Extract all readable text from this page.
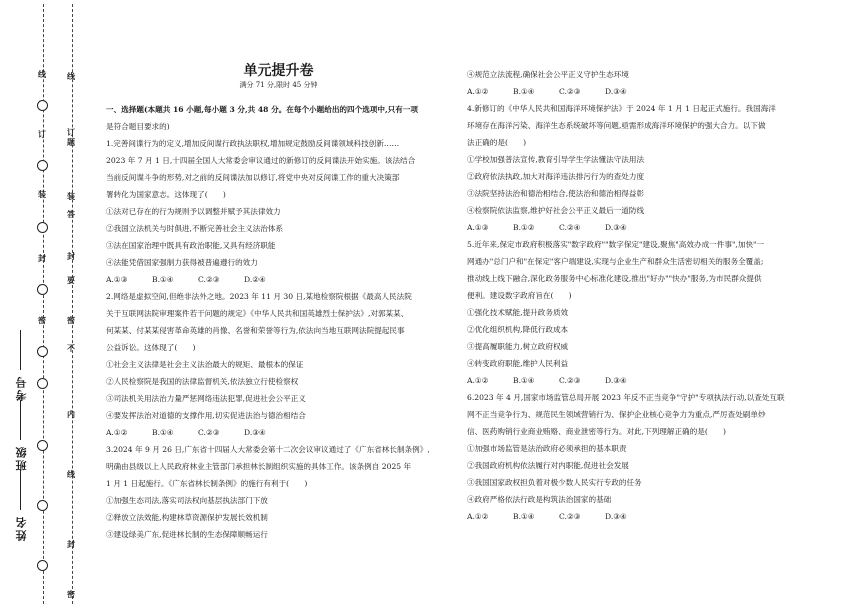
线
订
装
封
密
线
订
题
装
答
封
要
密
不
内
线
封
密
考号
班级
姓名
单元提升卷
满分 71 分,限时 45 分钟
一、选择题(本题共 16 小题,每小题 3 分,共 48 分。在每个小题给出的四个选项中,只有一项
是符合题目要求的)
1.完善间谍行为的定义,增加反间谍行政执法职权,增加规定鼓励反间谍领域科技创新……
2023 年 7 月 1 日,十四届全国人大常委会审议通过的新修订的反间谍法开始实施。该法结合
当前反间谍斗争的形势,对之前的反间谍法加以修订,将党中央对反间谍工作的重大决策部
署转化为国家意志。这体现了(　　)
①法对已存在的行为规则予以调整并赋予其法律效力
②我国立法机关与时俱进,不断完善社会主义法治体系
③法在国家治理中既具有政治职能,又具有经济职能
④法能凭借国家强制力获得被普遍遵行的效力
A.①③	B.①④	C.②③	D.②④
2.网络是虚拟空间,但绝非法外之地。2023 年 11 月 30 日,某地检察院根据《最高人民法院
关于互联网法院审理案件若干问题的规定》《中华人民共和国英雄烈士保护法》,对郭某某、
何某某、付某某侵害革命英雄的肖像、名誉和荣誉等行为,依法向当地互联网法院提起民事
公益诉讼。这体现了(　　)
①社会主义法律是社会主义法治最大的规矩、最根本的保证
②人民检察院是我国的法律监督机关,依法独立行使检察权
③司法机关用法治力量严惩网络违法犯罪,促进社会公平正义
④要发挥法治对道德的支撑作用,切实促进法治与德治相结合
A.①②	B.①④	C.②③	D.③④
3.2024 年 9 月 26 日,广东省十四届人大常委会第十二次会议审议通过了《广东省林长制条例》,
明确由县级以上人民政府林业主管部门承担林长制组织实施的具体工作。该条例自 2025 年
1 月 1 日起施行。《广东省林长制条例》的施行有利于(　　)
①加强生态司法,落实司法权向基层执法部门下放
②释放立法效能,构建林草资源保护发展长效机制
③建设绿美广东,促进林长制的生态保障顺畅运行
④规范立法流程,确保社会公平正义守护生态环境
A.①②	B.①④	C.②③	D.③④
4.新修订的《中华人民共和国海洋环境保护法》于 2024 年 1 月 1 日起正式施行。我国海洋
环境存在海洋污染、海洋生态系统破坏等问题,亟需形成海洋环境保护的强大合力。以下做
法正确的是(　　)
①学校加强普法宣传,教育引导学生学法懂法守法用法
②政府依法执政,加大对海洋违法排污行为的查处力度
③法院坚持法治和德治相结合,使法治和德治相得益彰
④检察院依法监察,维护好社会公平正义最后一道防线
A.①③	B.①②	C.②④	D.③④
5.近年来,保定市政府积极落实"数字政府""数字保定"建设,聚焦"高效办成一件事",加快"一
网通办"总门户和"在保定"客户端建设,实现与企业生产和群众生活密切相关的服务全覆盖;
推动线上线下融合,深化政务服务中心标准化建设,推出"好办""快办"服务,为市民群众提供
便利。建设数字政府旨在(　　)
①强化技术赋能,提升政务质效
②优化组织机构,降低行政成本
③提高履职能力,树立政府权威
④转变政府职能,维护人民利益
A.①②	B.①④	C.②③	D.③④
6.2023 年 4 月,国家市场监管总局开展 2023 年反不正当竞争"守护"专项执法行动,以查处互联
网不正当竞争行为、规范民生领域营销行为、保护企业核心竞争力为重点,严厉查处刷单炒
信、医药购销行业商业贿赂、商业泄密等行为。对此,下列理解正确的是(　　)
①加强市场监管是法治政府必须承担的基本职责
②我国政府机构依法履行对内职能,促进社会发展
③我国国家政权担负着对极少数人民实行专政的任务
④政府严格依法行政是构筑法治国家的基础
A.①②	B.①④	C.②③	D.③④
